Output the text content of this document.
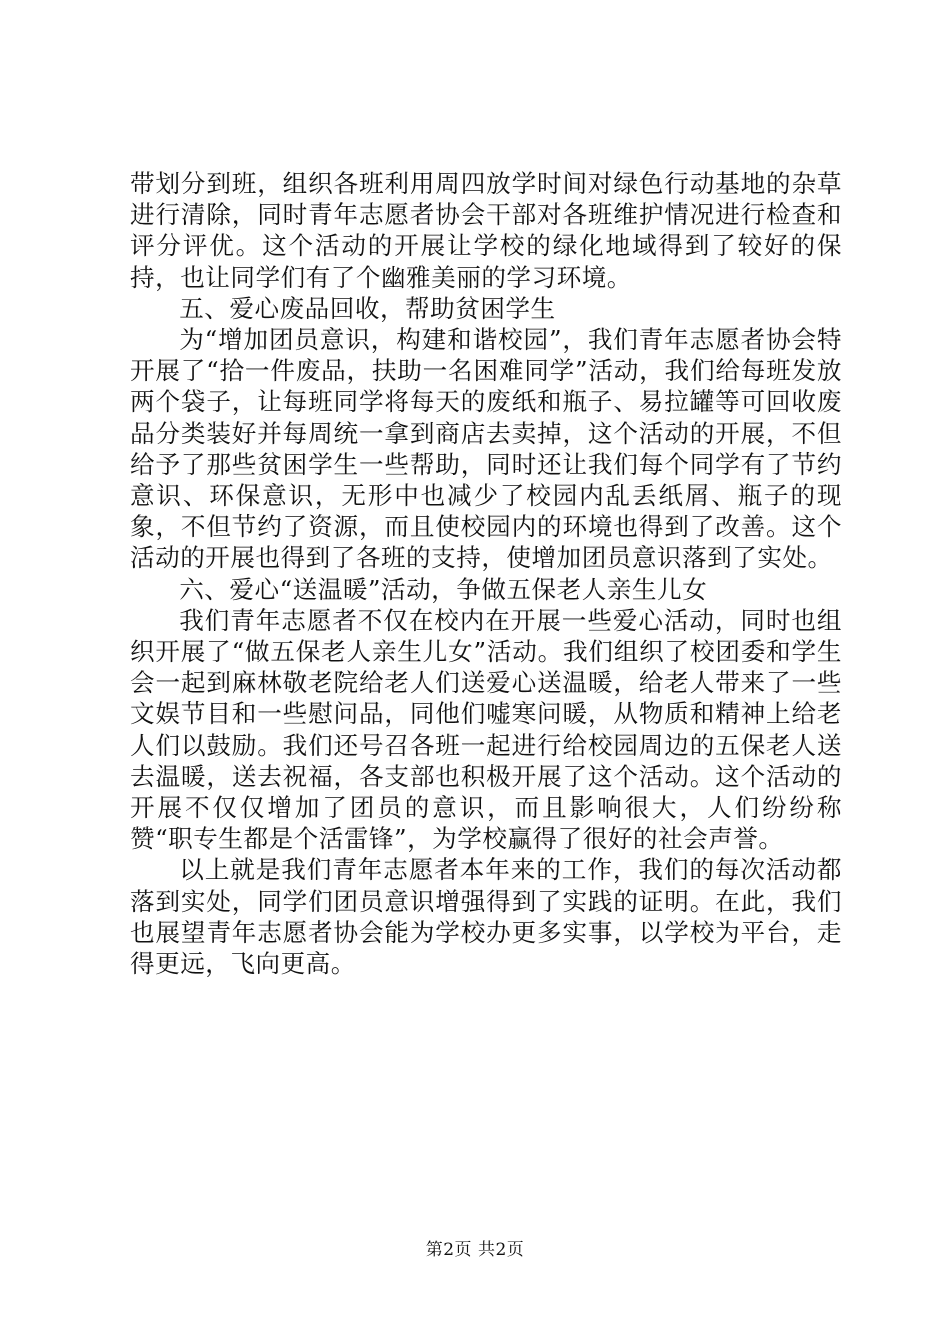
带划分到班，组织各班利用周四放学时间对绿色行动基地的杂草进行清除，同时青年志愿者协会干部对各班维护情况进行检查和评分评优。这个活动的开展让学校的绿化地域得到了较好的保持，也让同学们有了个幽雅美丽的学习环境。

五、爱心废品回收，帮助贫困学生

为“增加团员意识，构建和谐校园”，我们青年志愿者协会特开展了“拾一件废品，扶助一名困难同学”活动，我们给每班发放两个袋子，让每班同学将每天的废纸和瓶子、易拉罐等可回收废品分类装好并每周统一拿到商店去卖掉，这个活动的开展，不但给予了那些贫困学生一些帮助，同时还让我们每个同学有了节约意识、环保意识，无形中也减少了校园内乱丢纸屑、瓶子的现象，不但节约了资源，而且使校园内的环境也得到了改善。这个活动的开展也得到了各班的支持，使增加团员意识落到了实处。

六、爱心“送温暖”活动，争做五保老人亲生儿女

我们青年志愿者不仅在校内在开展一些爱心活动，同时也组织开展了“做五保老人亲生儿女”活动。我们组织了校团委和学生会一起到麻林敬老院给老人们送爱心送温暖，给老人带来了一些文娱节目和一些慰问品，同他们嘘寒问暖，从物质和精神上给老人们以鼓励。我们还号召各班一起进行给校园周边的五保老人送去温暖，送去祝福，各支部也积极开展了这个活动。这个活动的开展不仅仅增加了团员的意识，而且影响很大，人们纷纷称赞“职专生都是个活雷锋”，为学校赢得了很好的社会声誉。

以上就是我们青年志愿者本年来的工作，我们的每次活动都落到实处，同学们团员意识增强得到了实践的证明。在此，我们也展望青年志愿者协会能为学校办更多实事，以学校为平台，走得更远，飞向更高。

第2页 共2页
